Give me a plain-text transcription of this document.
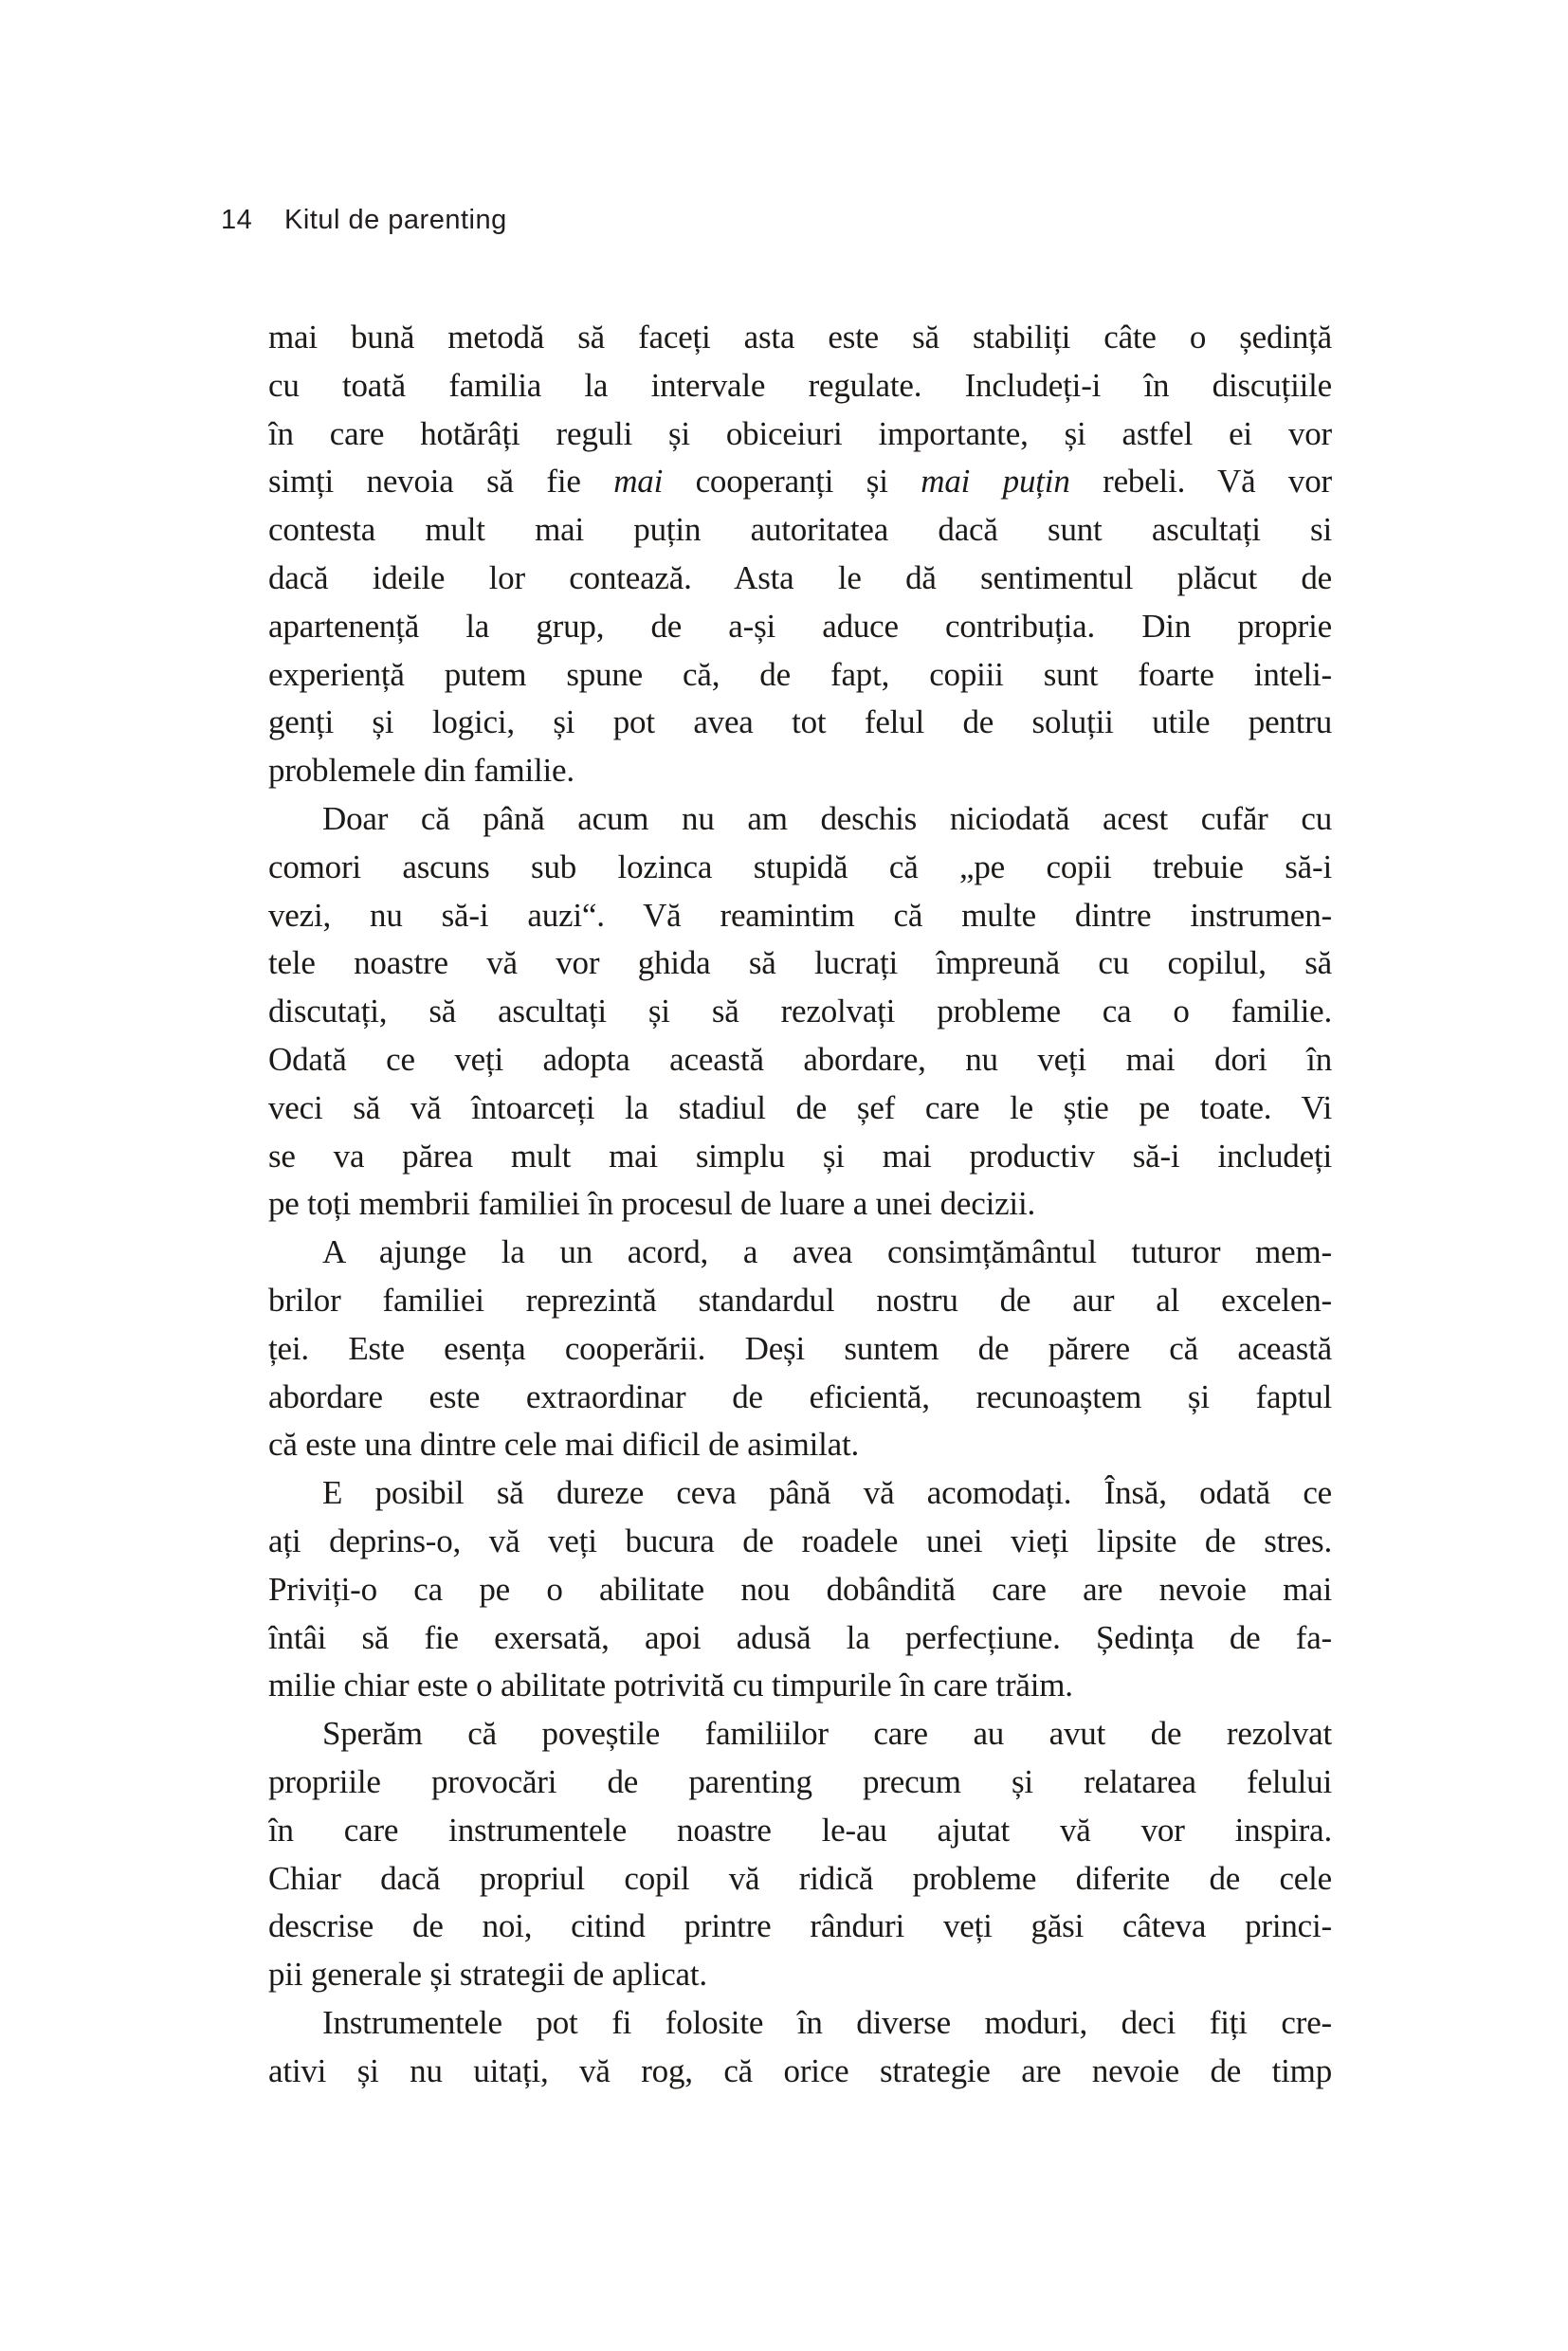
14	Kitul de parenting
mai bună metodă să faceți asta este să stabiliți câte o ședință
cu toată familia la intervale regulate. Includeți-i în discuțiile
în care hotărâți reguli și obiceiuri importante, și astfel ei vor
simți nevoia să fie mai cooperanți și mai puțin rebeli. Vă vor
contesta mult mai puțin autoritatea dacă sunt ascultați si
dacă ideile lor contează. Asta le dă sentimentul plăcut de
apartenență la grup, de a-și aduce contribuția. Din proprie
experiență putem spune că, de fapt, copiii sunt foarte inteli-
genți și logici, și pot avea tot felul de soluții utile pentru
problemele din familie.
Doar că până acum nu am deschis niciodată acest cufăr cu
comori ascuns sub lozinca stupidă că „pe copii trebuie să-i
vezi, nu să-i auzi“. Vă reamintim că multe dintre instrumen-
tele noastre vă vor ghida să lucrați împreună cu copilul, să
discutați, să ascultați și să rezolvați probleme ca o familie.
Odată ce veți adopta această abordare, nu veți mai dori în
veci să vă întoarceți la stadiul de șef care le știe pe toate. Vi
se va părea mult mai simplu și mai productiv să-i includeți
pe toți membrii familiei în procesul de luare a unei decizii.
A ajunge la un acord, a avea consimțământul tuturor mem-
brilor familiei reprezintă standardul nostru de aur al excelen-
ței. Este esența cooperării. Deși suntem de părere că această
abordare este extraordinar de eficientă, recunoaștem și faptul
că este una dintre cele mai dificil de asimilat.
E posibil să dureze ceva până vă acomodați. Însă, odată ce
ați deprins-o, vă veți bucura de roadele unei vieți lipsite de stres.
Priviți-o ca pe o abilitate nou dobândită care are nevoie mai
întâi să fie exersată, apoi adusă la perfecțiune. Ședința de fa-
milie chiar este o abilitate potrivită cu timpurile în care trăim.
Sperăm că poveștile familiilor care au avut de rezolvat
propriile provocări de parenting precum și relatarea felului
în care instrumentele noastre le-au ajutat vă vor inspira.
Chiar dacă propriul copil vă ridică probleme diferite de cele
descrise de noi, citind printre rânduri veți găsi câteva princi-
pii generale și strategii de aplicat.
Instrumentele pot fi folosite în diverse moduri, deci fiți cre-
ativi și nu uitați, vă rog, că orice strategie are nevoie de timp
